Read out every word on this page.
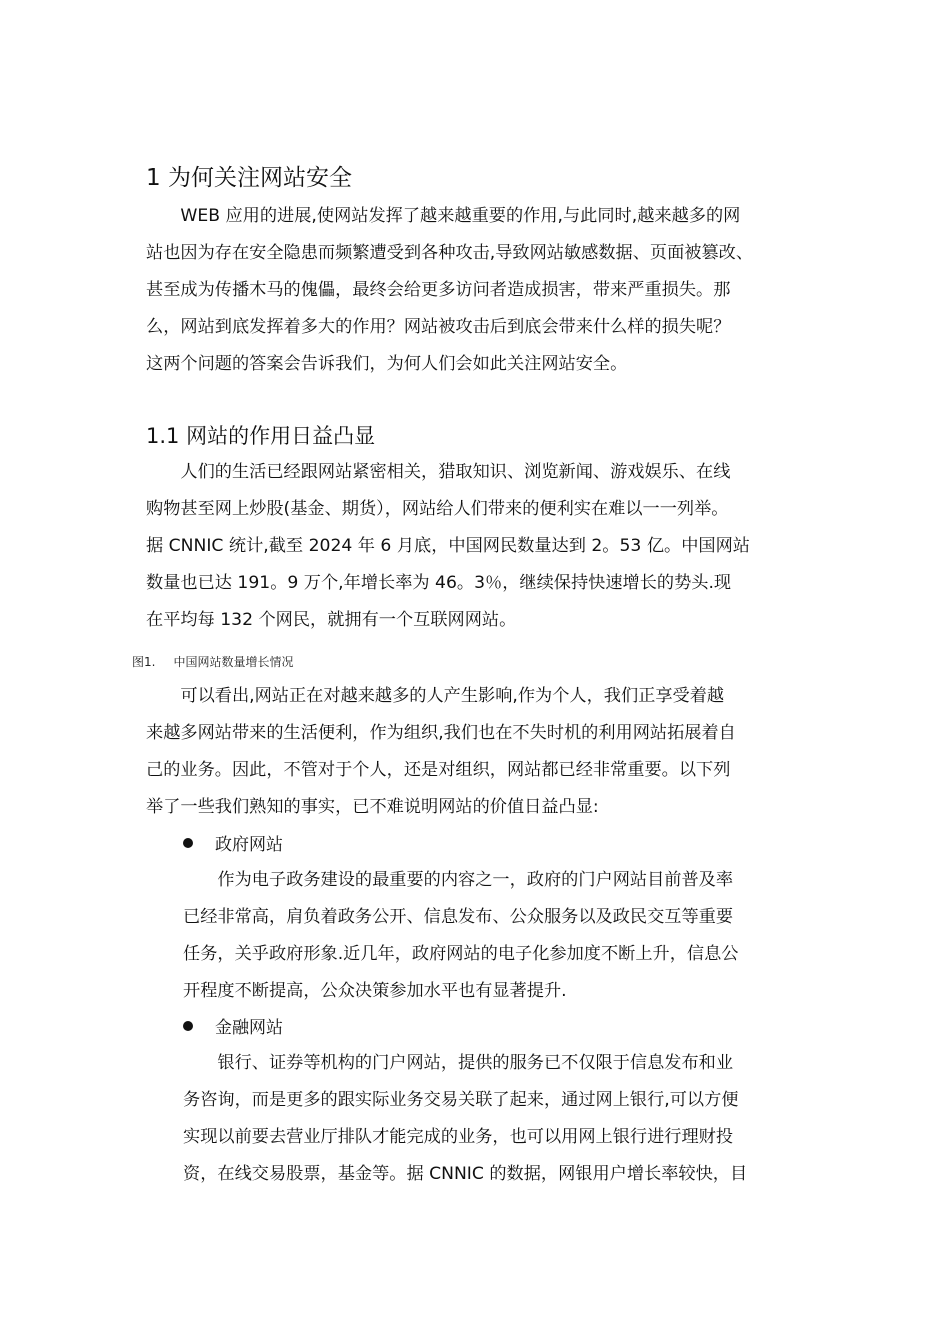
1 为何关注网站安全

　　WEB 应用的进展,使网站发挥了越来越重要的作用,与此同时,越来越多的网
站也因为存在安全隐患而频繁遭受到各种攻击,导致网站敏感数据、页面被篡改、
甚至成为传播木马的傀儡，最终会给更多访问者造成损害，带来严重损失。那
么，网站到底发挥着多大的作用？网站被攻击后到底会带来什么样的损失呢？
这两个问题的答案会告诉我们，为何人们会如此关注网站安全。

1.1 网站的作用日益凸显

　　人们的生活已经跟网站紧密相关，猎取知识、浏览新闻、游戏娱乐、在线
购物甚至网上炒股(基金、期货），网站给人们带来的便利实在难以一一列举。
据 CNNIC 统计,截至 2024 年 6 月底，中国网民数量达到 2。53 亿。中国网站
数量也已达 191。9 万个,年增长率为 46。3％，继续保持快速增长的势头.现
在平均每 132 个网民，就拥有一个互联网网站。

图1. 中国网站数量增长情况

　　可以看出,网站正在对越来越多的人产生影响,作为个人，我们正享受着越
来越多网站带来的生活便利，作为组织,我们也在不失时机的利用网站拓展着自
己的业务。因此，不管对于个人，还是对组织，网站都已经非常重要。以下列
举了一些我们熟知的事实，已不难说明网站的价值日益凸显:

政府网站

　　作为电子政务建设的最重要的内容之一，政府的门户网站目前普及率
已经非常高，肩负着政务公开、信息发布、公众服务以及政民交互等重要
任务，关乎政府形象.近几年，政府网站的电子化参加度不断上升，信息公
开程度不断提高，公众决策参加水平也有显著提升.

金融网站

　　银行、证券等机构的门户网站，提供的服务已不仅限于信息发布和业
务咨询，而是更多的跟实际业务交易关联了起来，通过网上银行,可以方便
实现以前要去营业厅排队才能完成的业务，也可以用网上银行进行理财投
资，在线交易股票，基金等。据 CNNIC 的数据，网银用户增长率较快，目
